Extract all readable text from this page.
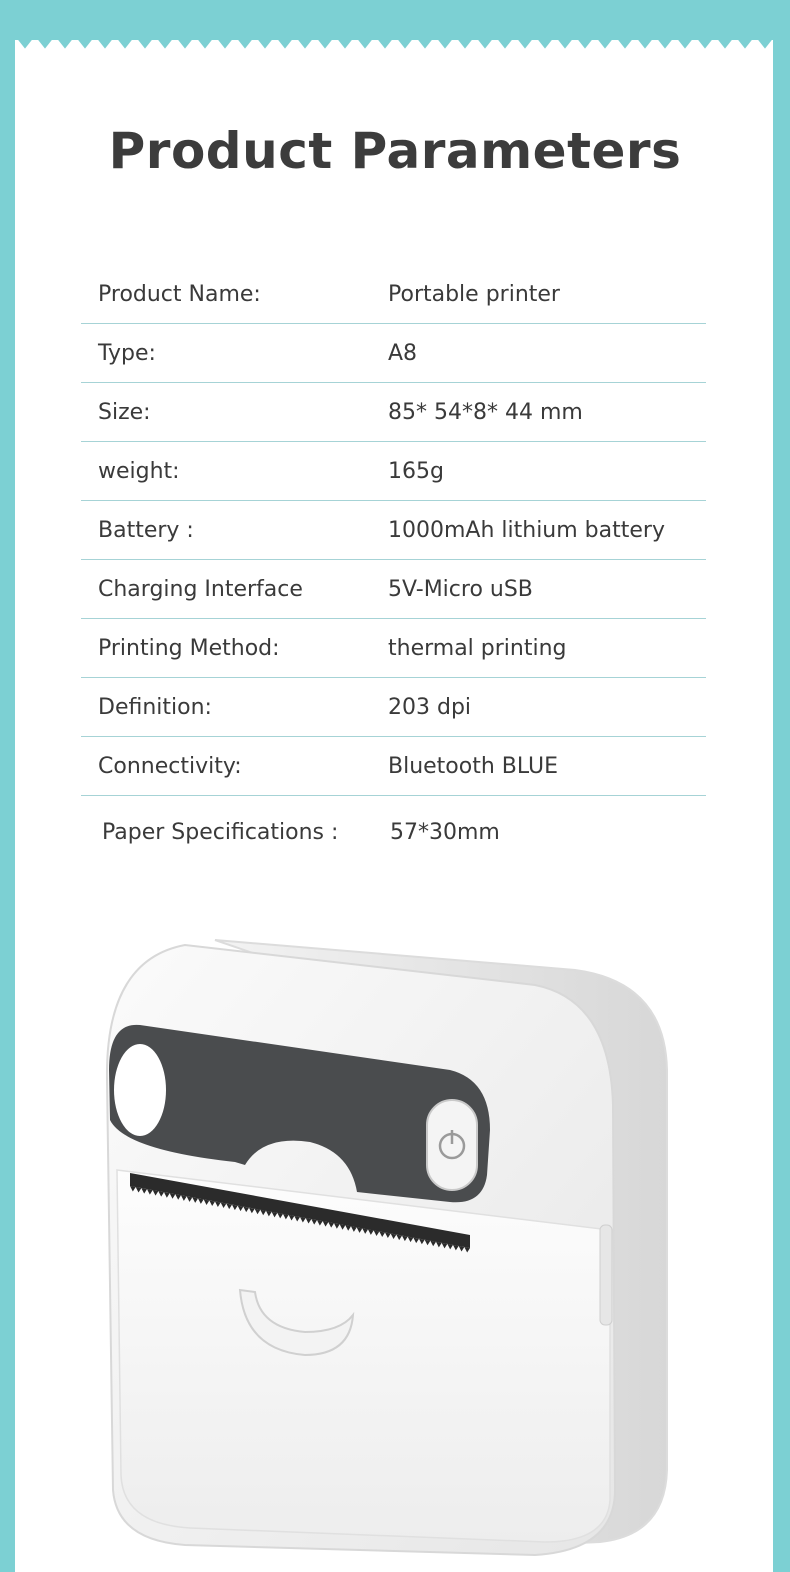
Product Parameters
Product Name:	Portable printer
Type:	A8
Size:	85* 54*8* 44 mm
weight:	165g
Battery :	1000mAh lithium battery
Charging Interface	5V-Micro uSB
Printing Method:	thermal printing
Definition:	203 dpi
Connectivity:	Bluetooth BLUE
Paper Specifications :	57*30mm
